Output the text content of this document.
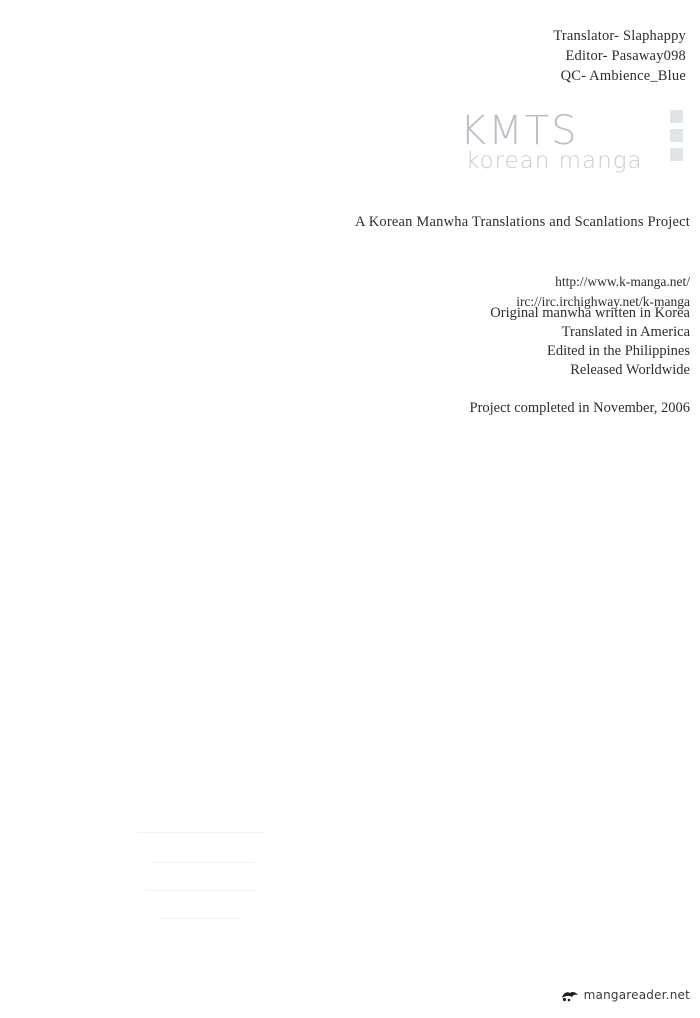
Translator- Slaphappy
Editor- Pasaway098
QC- Ambience_Blue
KMTS
korean manga
A Korean Manwha Translations and Scanlations Project
http://www.k-manga.net/
irc://irc.irchighway.net/k-manga
Original manwha written in Korea
Translated in America
Edited in the Philippines
Released Worldwide
Project completed in November, 2006
mangareader.net
